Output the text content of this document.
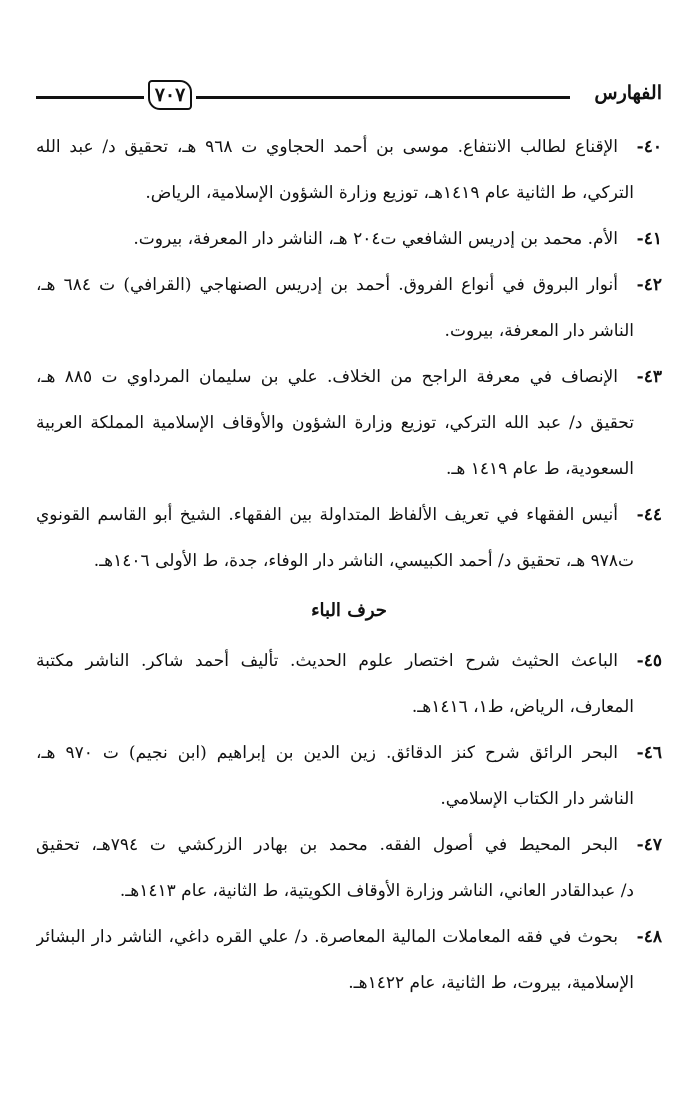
الفهارس
٧٠٧
٤٠-الإقناع لطالب الانتفاع. موسى بن أحمد الحجاوي ت ٩٦٨ هـ، تحقيق د/ عبد الله
التركي، ط الثانية عام ١٤١٩هـ، توزيع وزارة الشؤون الإسلامية، الرياض.
٤١-الأم. محمد بن إدريس الشافعي ت٢٠٤ هـ، الناشر دار المعرفة، بيروت.
٤٢-أنوار البروق في أنواع الفروق. أحمد بن إدريس الصنهاجي (القرافي) ت ٦٨٤ هـ،
الناشر دار المعرفة، بيروت.
٤٣-الإنصاف في معرفة الراجح من الخلاف. علي بن سليمان المرداوي ت ٨٨٥ هـ،
تحقيق د/ عبد الله التركي، توزيع وزارة الشؤون والأوقاف الإسلامية المملكة العربية
السعودية، ط عام ١٤١٩ هـ.
٤٤-أنيس الفقهاء في تعريف الألفاظ المتداولة بين الفقهاء. الشيخ أبو القاسم القونوي
ت٩٧٨ هـ، تحقيق د/ أحمد الكبيسي، الناشر دار الوفاء، جدة، ط الأولى ١٤٠٦هـ.
حرف الباء
٤٥-الباعث الحثيث شرح اختصار علوم الحديث. تأليف أحمد شاكر. الناشر مكتبة
المعارف، الرياض، ط١، ١٤١٦هـ.
٤٦-البحر الرائق شرح كنز الدقائق. زين الدين بن إبراهيم (ابن نجيم) ت ٩٧٠ هـ،
الناشر دار الكتاب الإسلامي.
٤٧-البحر المحيط في أصول الفقه. محمد بن بهادر الزركشي ت ٧٩٤هـ، تحقيق
د/ عبدالقادر العاني، الناشر وزارة الأوقاف الكويتية، ط الثانية، عام ١٤١٣هـ.
٤٨-بحوث في فقه المعاملات المالية المعاصرة. د/ علي القره داغي، الناشر دار البشائر
الإسلامية، بيروت، ط الثانية، عام ١٤٢٢هـ.
